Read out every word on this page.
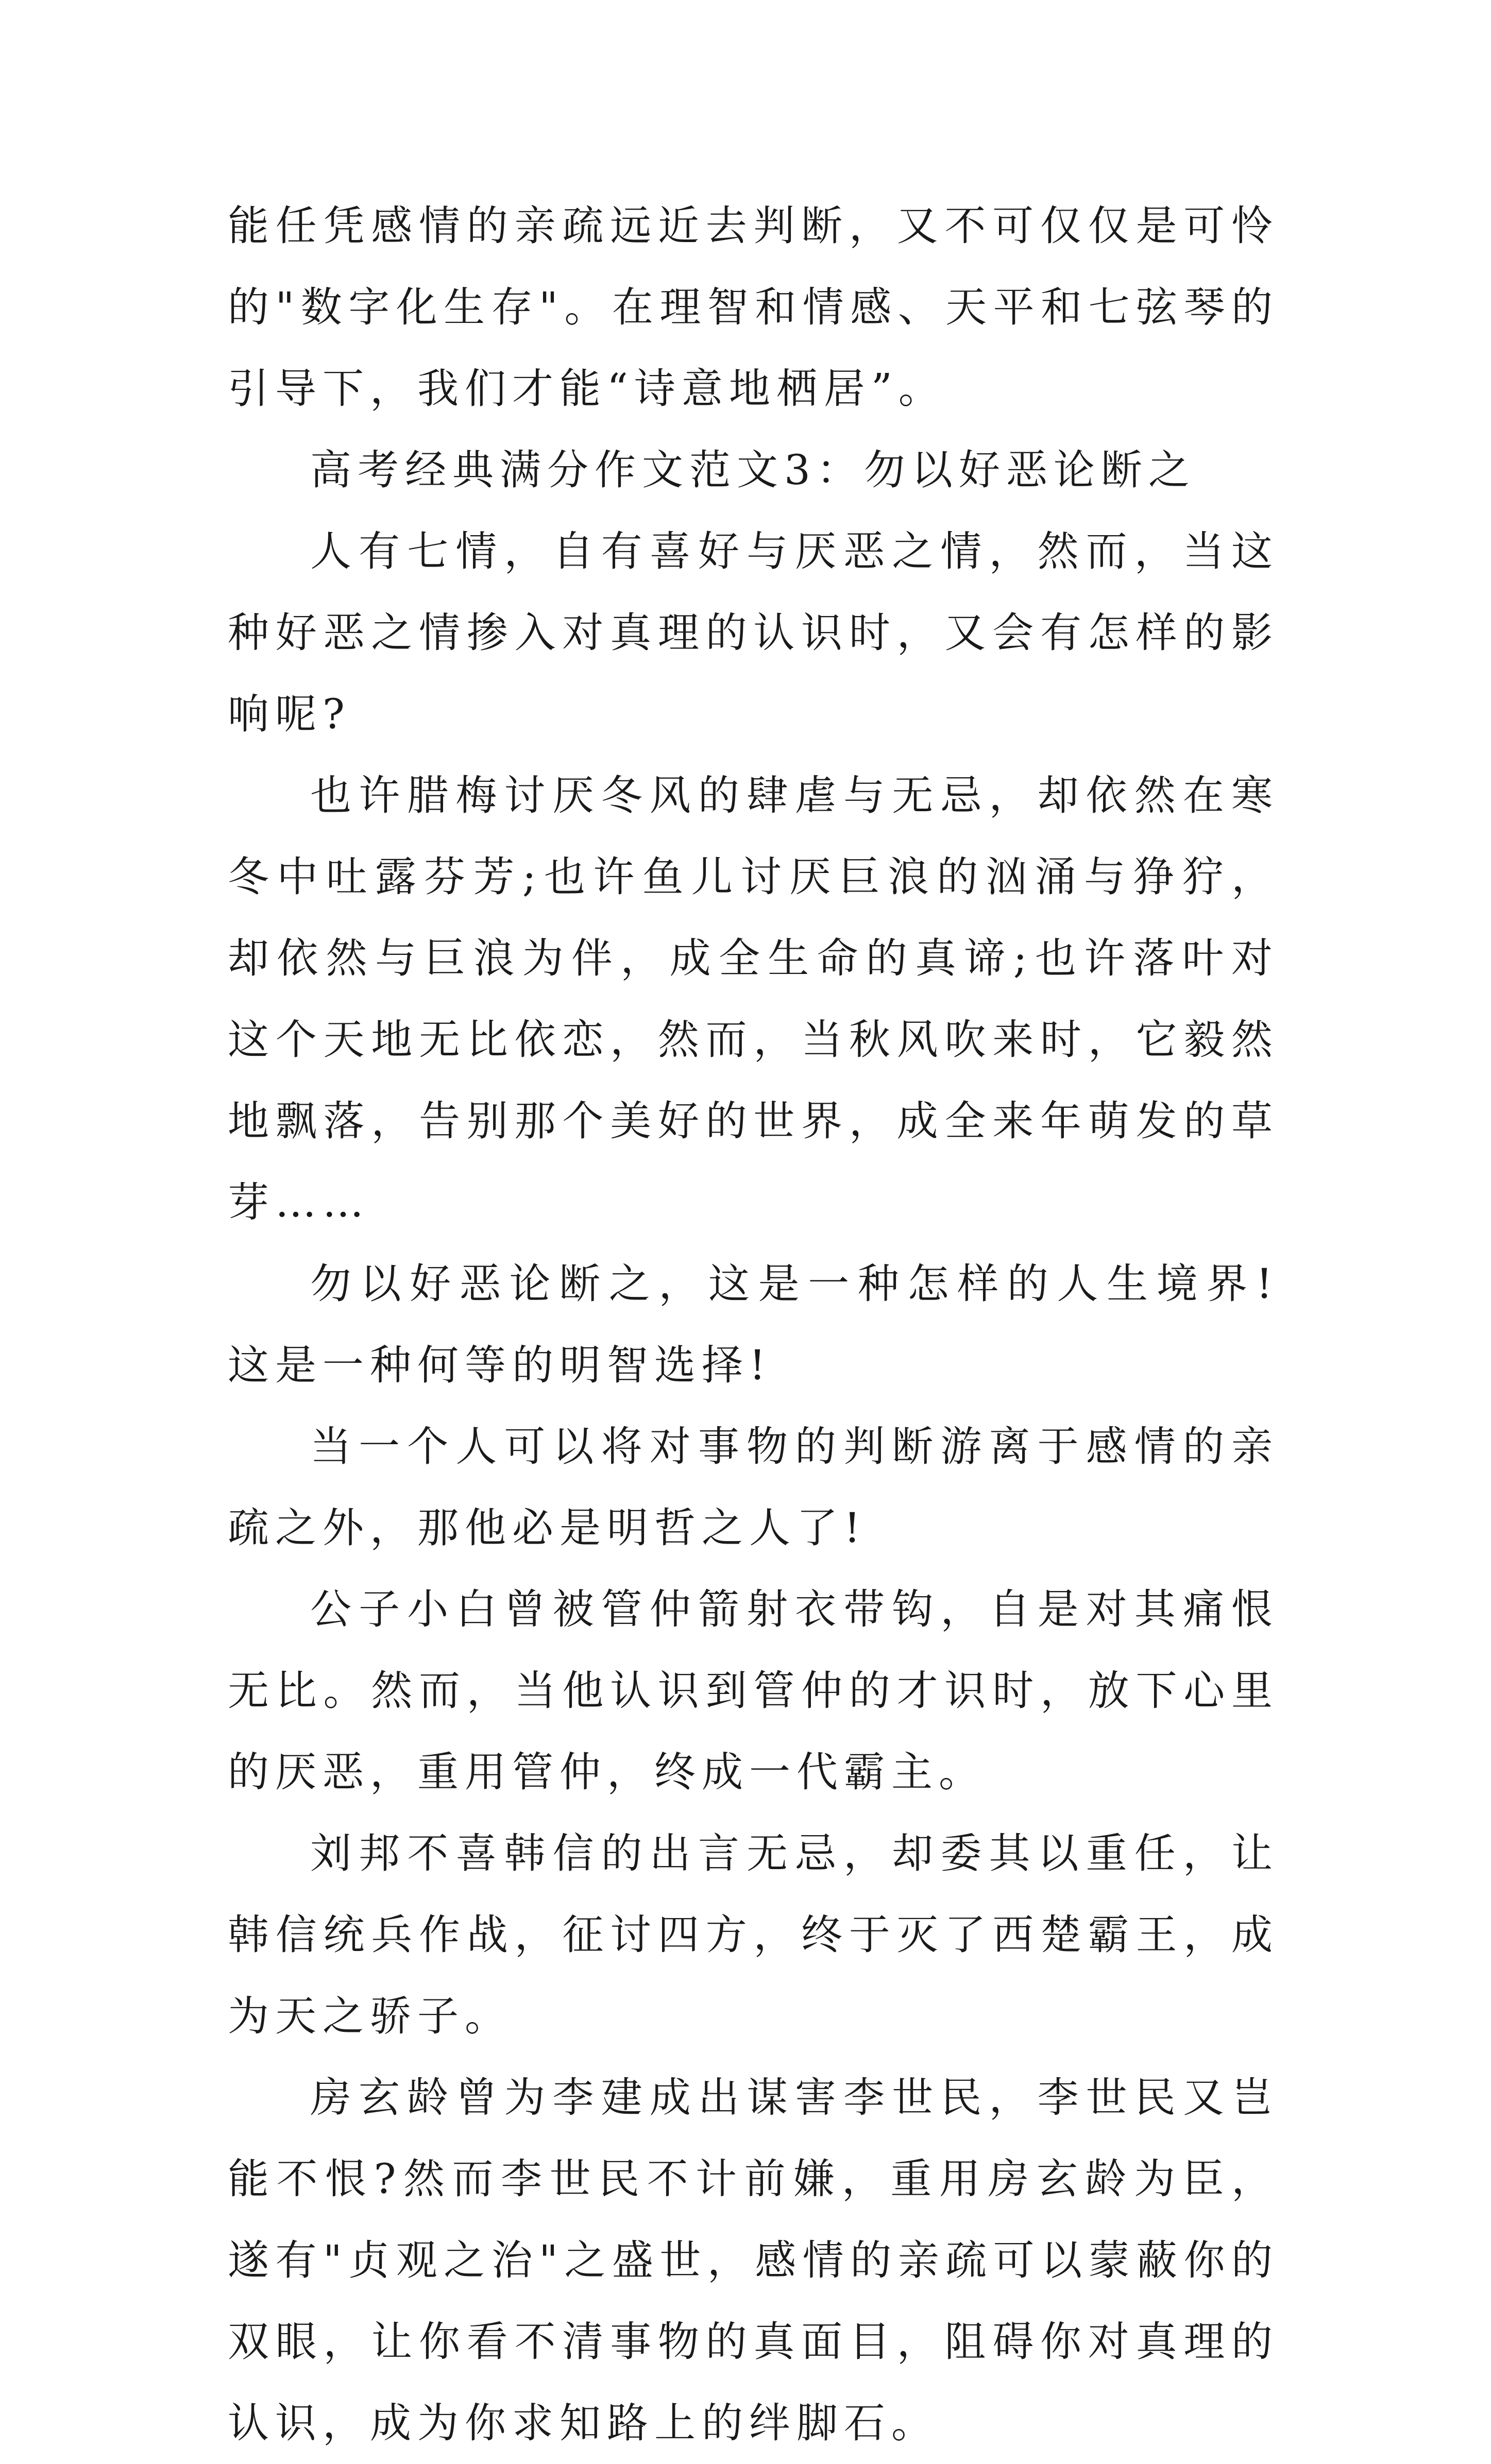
能任凭感情的亲疏远近去判断，又不可仅仅是可怜的"数字化生存"。在理智和情感、天平和七弦琴的引导下，我们才能“诗意地栖居”。

高考经典满分作文范文3：勿以好恶论断之

人有七情，自有喜好与厌恶之情，然而，当这种好恶之情掺入对真理的认识时，又会有怎样的影响呢?

也许腊梅讨厌冬风的肆虐与无忌，却依然在寒冬中吐露芬芳;也许鱼儿讨厌巨浪的汹涌与狰狞，却依然与巨浪为伴，成全生命的真谛;也许落叶对这个天地无比依恋，然而，当秋风吹来时，它毅然地飘落，告别那个美好的世界，成全来年萌发的草芽……

勿以好恶论断之，这是一种怎样的人生境界!这是一种何等的明智选择!

当一个人可以将对事物的判断游离于感情的亲疏之外，那他必是明哲之人了!

公子小白曾被管仲箭射衣带钩，自是对其痛恨无比。然而，当他认识到管仲的才识时，放下心里的厌恶，重用管仲，终成一代霸主。

刘邦不喜韩信的出言无忌，却委其以重任，让韩信统兵作战，征讨四方，终于灭了西楚霸王，成为天之骄子。

房玄龄曾为李建成出谋害李世民，李世民又岂能不恨?然而李世民不计前嫌，重用房玄龄为臣，遂有"贞观之治"之盛世，感情的亲疏可以蒙蔽你的双眼，让你看不清事物的真面目，阻碍你对真理的认识，成为你求知路上的绊脚石。
